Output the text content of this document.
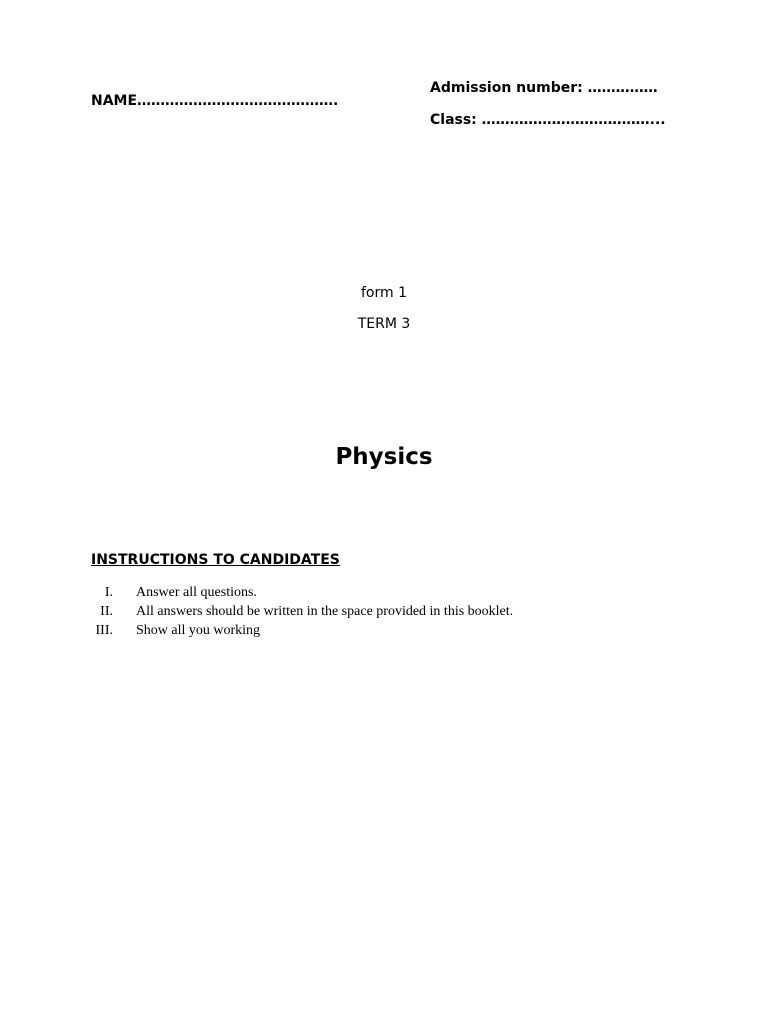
NAME…………………………………….
Admission number: ……………
Class: ………………………………...
form 1
TERM 3
Physics
INSTRUCTIONS TO CANDIDATES
I. Answer all questions.
II. All answers should be written in the space provided in this booklet.
III. Show all you working
